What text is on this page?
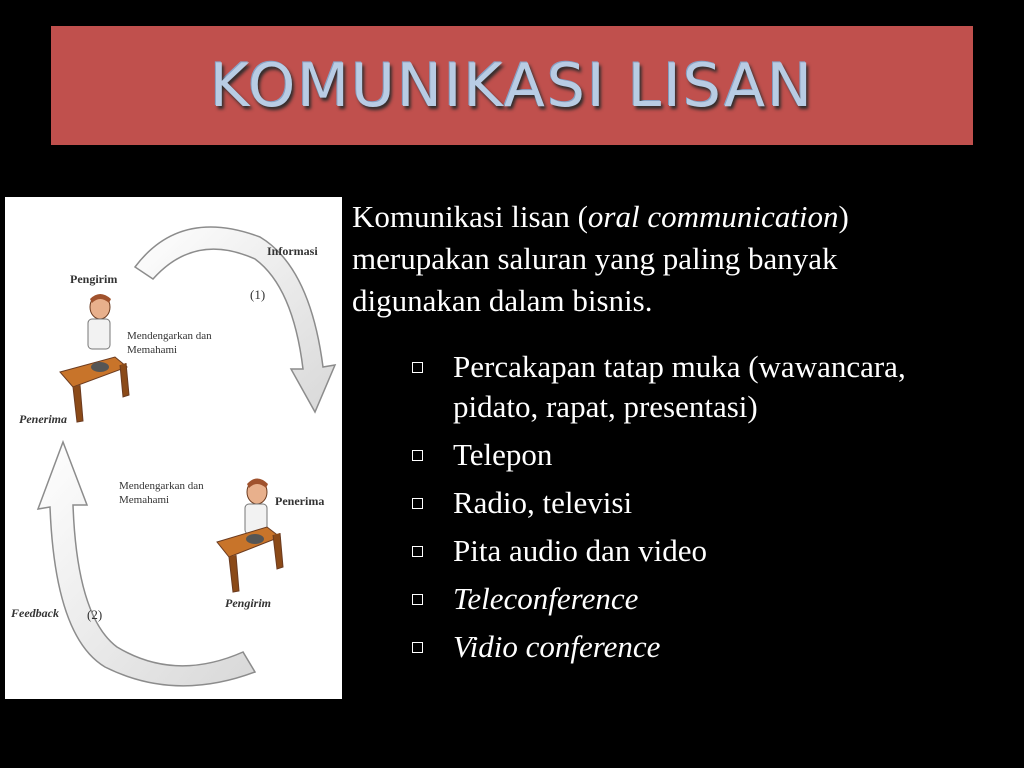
KOMUNIKASI LISAN
Informasi
Pengirim
(1)
Mendengarkan dan
Memahami
Penerima
Mendengarkan dan
Memahami	Penerima
Pengirim
Feedback (2)
Komunikasi lisan (oral communication) merupakan saluran yang paling banyak digunakan dalam bisnis.
Percakapan tatap muka (wawancara, pidato, rapat, presentasi)
Telepon
Radio, televisi
Pita audio dan video
Teleconference
Vidio conference
